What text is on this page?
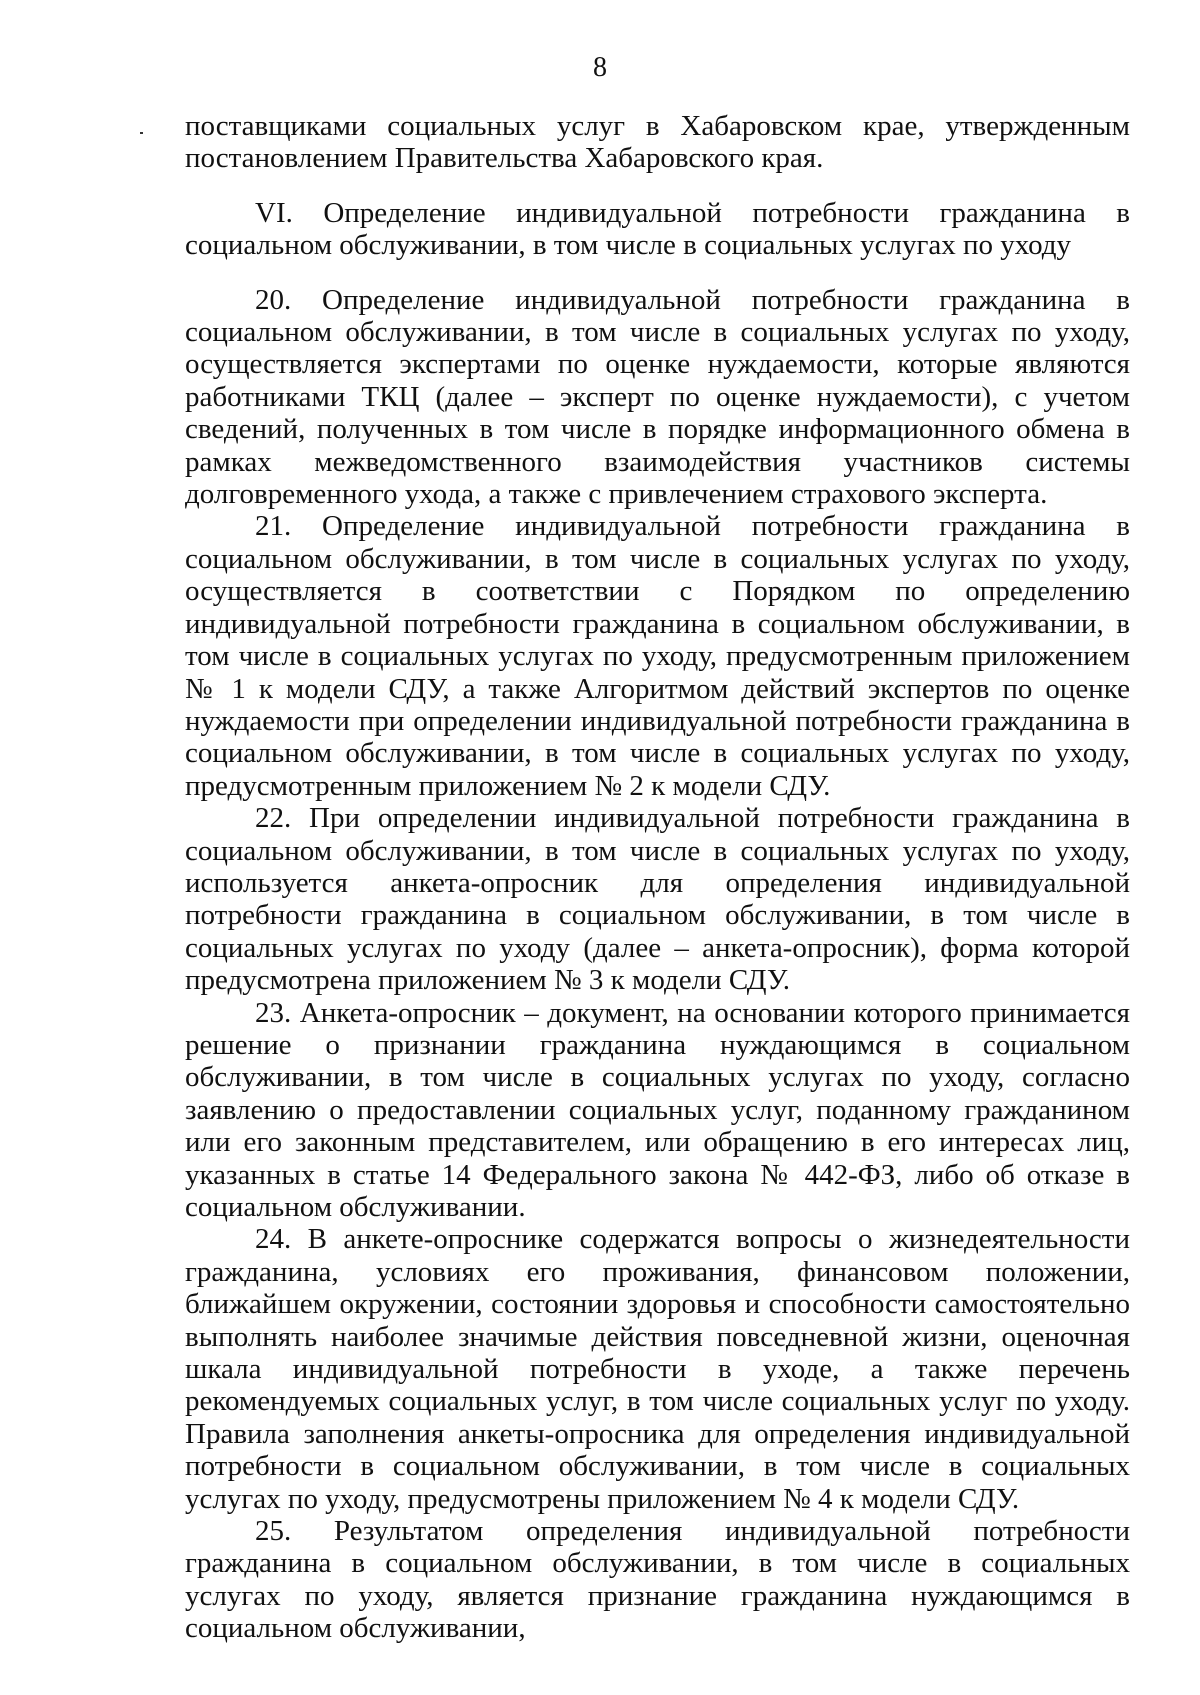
8

поставщиками социальных услуг в Хабаровском крае, утвержденным постановлением Правительства Хабаровского края.

VI. Определение индивидуальной потребности гражданина в социальном обслуживании, в том числе в социальных услугах по уходу

20. Определение индивидуальной потребности гражданина в социальном обслуживании, в том числе в социальных услугах по уходу, осуществляется экспертами по оценке нуждаемости, которые являются работниками ТКЦ (далее – эксперт по оценке нуждаемости), с учетом сведений, полученных в том числе в порядке информационного обмена в рамках межведомственного взаимодействия участников системы долговременного ухода, а также с привлечением страхового эксперта.

21. Определение индивидуальной потребности гражданина в социальном обслуживании, в том числе в социальных услугах по уходу, осуществляется в соответствии с Порядком по определению индивидуальной потребности гражданина в социальном обслуживании, в том числе в социальных услугах по уходу, предусмотренным приложением № 1 к модели СДУ, а также Алгоритмом действий экспертов по оценке нуждаемости при определении индивидуальной потребности гражданина в социальном обслуживании, в том числе в социальных услугах по уходу, предусмотренным приложением № 2 к модели СДУ.

22. При определении индивидуальной потребности гражданина в социальном обслуживании, в том числе в социальных услугах по уходу, используется анкета-опросник для определения индивидуальной потребности гражданина в социальном обслуживании, в том числе в социальных услугах по уходу (далее – анкета-опросник), форма которой предусмотрена приложением № 3 к модели СДУ.

23. Анкета-опросник – документ, на основании которого принимается решение о признании гражданина нуждающимся в социальном обслуживании, в том числе в социальных услугах по уходу, согласно заявлению о предоставлении социальных услуг, поданному гражданином или его законным представителем, или обращению в его интересах лиц, указанных в статье 14 Федерального закона № 442-ФЗ, либо об отказе в социальном обслуживании.

24. В анкете-опроснике содержатся вопросы о жизнедеятельности гражданина, условиях его проживания, финансовом положении, ближайшем окружении, состоянии здоровья и способности самостоятельно выполнять наиболее значимые действия повседневной жизни, оценочная шкала индивидуальной потребности в уходе, а также перечень рекомендуемых социальных услуг, в том числе социальных услуг по уходу. Правила заполнения анкеты-опросника для определения индивидуальной потребности в социальном обслуживании, в том числе в социальных услугах по уходу, предусмотрены приложением № 4 к модели СДУ.

25. Результатом определения индивидуальной потребности гражданина в социальном обслуживании, в том числе в социальных услугах по уходу, является признание гражданина нуждающимся в социальном обслуживании,
